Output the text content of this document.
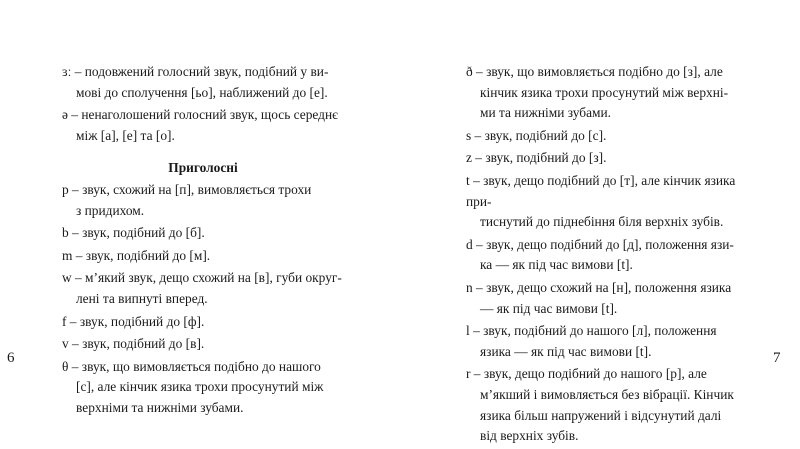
ɜː – подовжений голосний звук, подібний у ви-
мові до сполучення [ьо], наближений до [е].
ə – ненаголошений голосний звук, щось середнє
між [а], [е] та [о].
Приголосні
p – звук, схожий на [п], вимовляється трохи
з придихом.
b – звук, подібний до [б].
m – звук, подібний до [м].
w – м’який звук, дещо схожий на [в], губи округ-
лені та випнуті вперед.
f – звук, подібний до [ф].
v – звук, подібний до [в].
θ – звук, що вимовляється подібно до нашого
[с], але кінчик язика трохи просунутий між
верхніми та нижніми зубами.
6
ð – звук, що вимовляється подібно до [з], але
кінчик язика трохи просунутий між верхні-
ми та нижніми зубами.
s – звук, подібний до [с].
z – звук, подібний до [з].
t – звук, дещо подібний до [т], але кінчик язика при-
тиснутий до піднебіння біля верхніх зубів.
d – звук, дещо подібний до [д], положення язи-
ка — як під час вимови [t].
n – звук, дещо схожий на [н], положення язика
— як під час вимови [t].
l – звук, подібний до нашого [л], положення
язика — як під час вимови [t].
r – звук, дещо подібний до нашого [р], але
м’якший і вимовляється без вібрації. Кінчик
язика більш напружений і відсунутий далі
від верхніх зубів.
7
